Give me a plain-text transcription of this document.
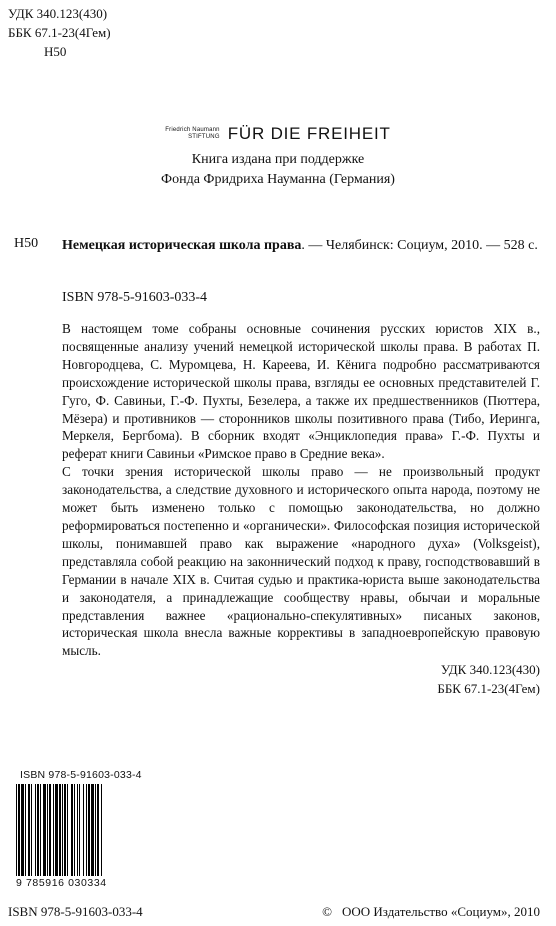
УДК 340.123(430)
ББК 67.1-23(4Гем)
Н50
Friedrich Naumann
STIFTUNG FÜR DIE FREIHEIT
Книга издана при поддержке
Фонда Фридриха Науманна (Германия)
Н50 Немецкая историческая школа права. — Челябинск: Социум, 2010. — 528 с.
ISBN 978-5-91603-033-4

В настоящем томе собраны основные сочинения русских юристов XIX в., посвященные анализу учений немецкой исторической школы права. В работах П. Новгородцева, С. Муромцева, Н. Кареева, И. Кёнига подробно рассматриваются происхождение исторической школы права, взгляды ее основных представителей Г. Гуго, Ф. Савиньи, Г.-Ф. Пухты, Безелера, а также их предшественников (Пюттера, Мёзера) и противников — сторонников школы позитивного права (Тибо, Иеринга, Меркеля, Бергбома). В сборник входят «Энциклопедия права» Г.-Ф. Пухты и реферат книги Савиньи «Римское право в Средние века».

С точки зрения исторической школы право — не произвольный продукт законодательства, а следствие духовного и исторического опыта народа, поэтому не может быть изменено только с помощью законодательства, но должно реформироваться постепенно и «органически». Философская позиция исторической школы, понимавшей право как выражение «народного духа» (Volksgeist), представляла собой реакцию на законнический подход к праву, господствовавший в Германии в начале XIX в. Считая судью и практика-юриста выше законодательства и законодателя, а принадлежащие сообществу нравы, обычаи и моральные представления важнее «рационально-спекулятивных» писаных законов, историческая школа внесла важные коррективы в западноевропейскую правовую мысль.

УДК 340.123(430)
ББК 67.1-23(4Гем)
ISBN 978-5-91603-033-4
9 785916 030334
ISBN 978-5-91603-033-4	© ООО Издательство «Социум», 2010
